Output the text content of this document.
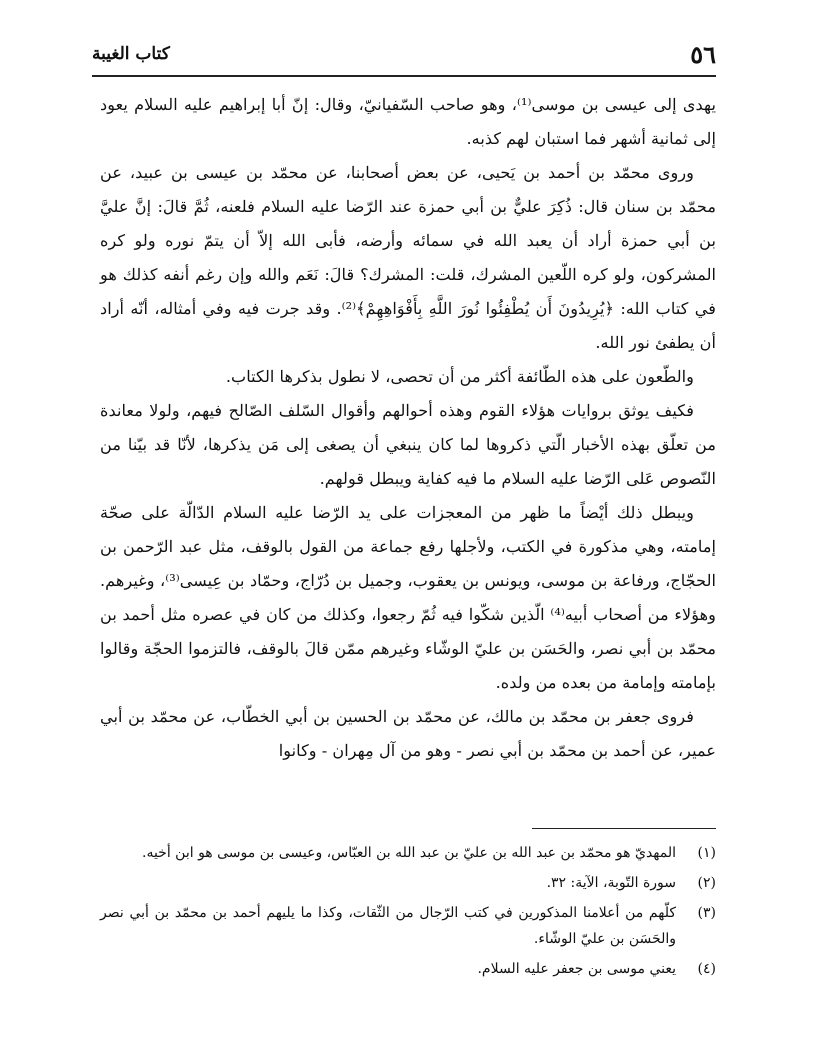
٥٦
كتاب الغيبة

يهدى إلى عيسى بن موسى⁽¹⁾، وهو صاحب السّفيانيّ، وقال: إنّ أبا إبراهيم عليه السلام يعود إلى ثمانية أشهر فما استبان لهم كذبه.

وروى محمّد بن أحمد بن يَحيى، عن بعض أصحابنا، عن محمّد بن عيسى بن عبيد، عن محمّد بن سنان قال: ذُكِرَ عليٌّ بن أبي حمزة عند الرّضا عليه السلام فلعنه، ثُمَّ قالَ: إنَّ عليَّ بن أبي حمزة أراد أن يعبد الله في سمائه وأرضه، فأبى الله إلاّ أن يتمّ نوره ولو كره المشركون، ولو كره اللّعين المشرك، قلت: المشرك؟ قالَ: نَعَم والله وإن رغم أنفه كذلك هو في كتاب الله: ﴿يُرِيدُونَ أَن يُطْفِئُوا نُورَ اللَّهِ بِأَفْوَاهِهِمْ﴾⁽²⁾. وقد جرت فيه وفي أمثاله، أنّه أراد أن يطفئ نور الله.

والطّعون على هذه الطّائفة أكثر من أن تحصى، لا نطول بذكرها الكتاب.

فكيف يوثق بروايات هؤلاء القوم وهذه أحوالهم وأقوال السّلف الصّالح فيهم، ولولا معاندة من تعلّق بهذه الأخبار الّتي ذكروها لما كان ينبغي أن يصغى إلى مَن يذكرها، لأنّا قد بيّنا من النّصوص عَلى الرّضا عليه السلام ما فيه كفاية ويبطل قولهم.

ويبطل ذلك أيْضاً ما ظهر من المعجزات على يد الرّضا عليه السلام الدّالّة على صحّة إمامته، وهي مذكورة في الكتب، ولأجلها رفع جماعة من القول بالوقف، مثل عبد الرّحمن بن الحجّاج، ورفاعة بن موسى، ويونس بن يعقوب، وجميل بن دُرّاج، وحمّاد بن عِيسى⁽³⁾، وغيرهم. وهؤلاء من أصحاب أبيه⁽⁴⁾ الّذين شكّوا فيه ثُمّ رجعوا، وكذلك من كان في عصره مثل أحمد بن محمّد بن أبي نصر، والحَسَن بن عليّ الوشّاء وغيرهم ممّن قالَ بالوقف، فالتزموا الحجّة وقالوا بإمامته وإمامة من بعده من ولده.

فروى جعفر بن محمّد بن مالك، عن محمّد بن الحسين بن أبي الخطّاب، عن محمّد بن أبي عمير، عن أحمد بن محمّد بن أبي نصر - وهو من آل مِهران - وكانوا

(١)
المهديّ هو محمّد بن عبد الله بن عليّ بن عبد الله بن العبّاس، وعيسى بن موسى هو ابن أخيه.
(٢)
سورة التّوبة، الآية: ٣٢.
(٣)
كلّهم من أعلامنا المذكورين في كتب الرّجال من الثّقات، وكذا ما يليهم أحمد بن محمّد بن أبي نصر والحَسَن بن عليّ الوشّاء.
(٤)
يعني موسى بن جعفر عليه السلام.
